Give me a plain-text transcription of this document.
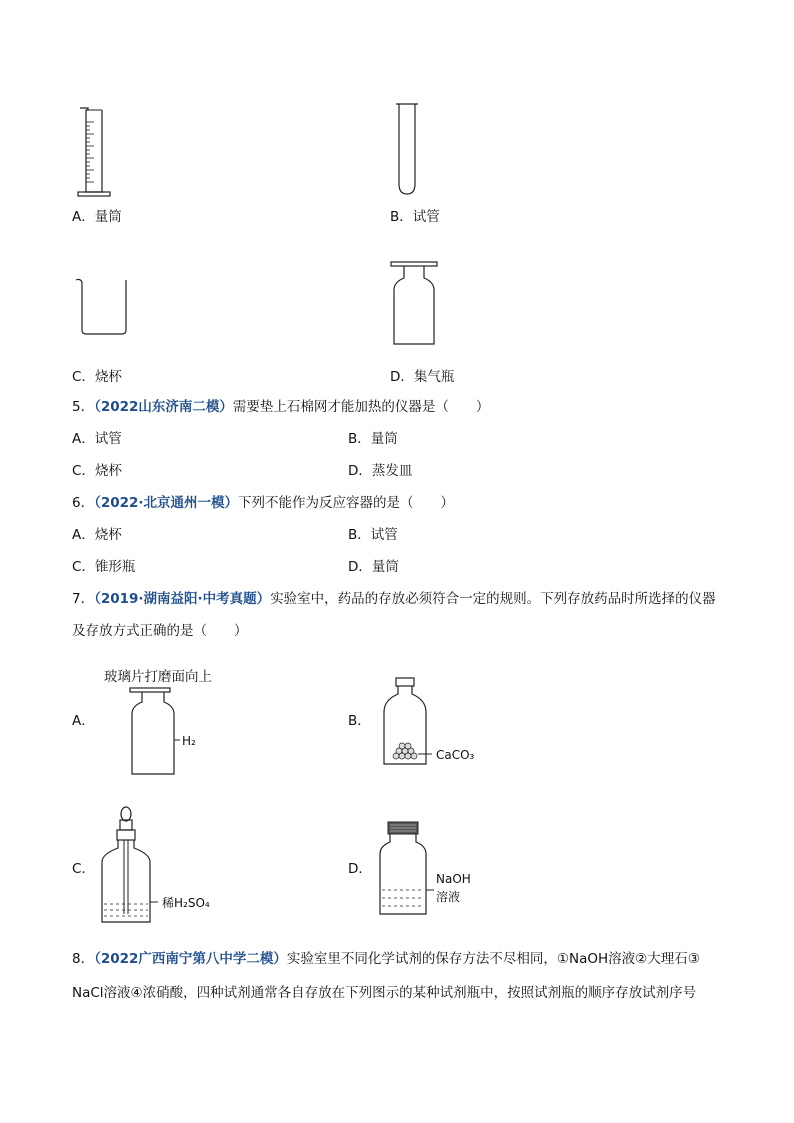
A．量筒	B．试管
C．烧杯	D．集气瓶
5．（2022山东济南二模）需要垫上石棉网才能加热的仪器是（　　）
A．试管	B．量筒
C．烧杯	D．蒸发皿
6．（2022·北京通州一模）下列不能作为反应容器的是（　　）
A．烧杯	B．试管
C．锥形瓶	D．量筒
7．（2019·湖南益阳·中考真题）实验室中，药品的存放必须符合一定的规则。下列存放药品时所选择的仪器
及存放方式正确的是（　　）
玻璃片打磨面向上
A．
H₂
B．
CaCO₃
C．
稀H₂SO₄
D．
NaOH
溶液
8．（2022广西南宁第八中学二模）实验室里不同化学试剂的保存方法不尽相同，①NaOH溶液②大理石③
NaCl溶液④浓硝酸，四种试剂通常各自存放在下列图示的某种试剂瓶中，按照试剂瓶的顺序存放试剂序号
